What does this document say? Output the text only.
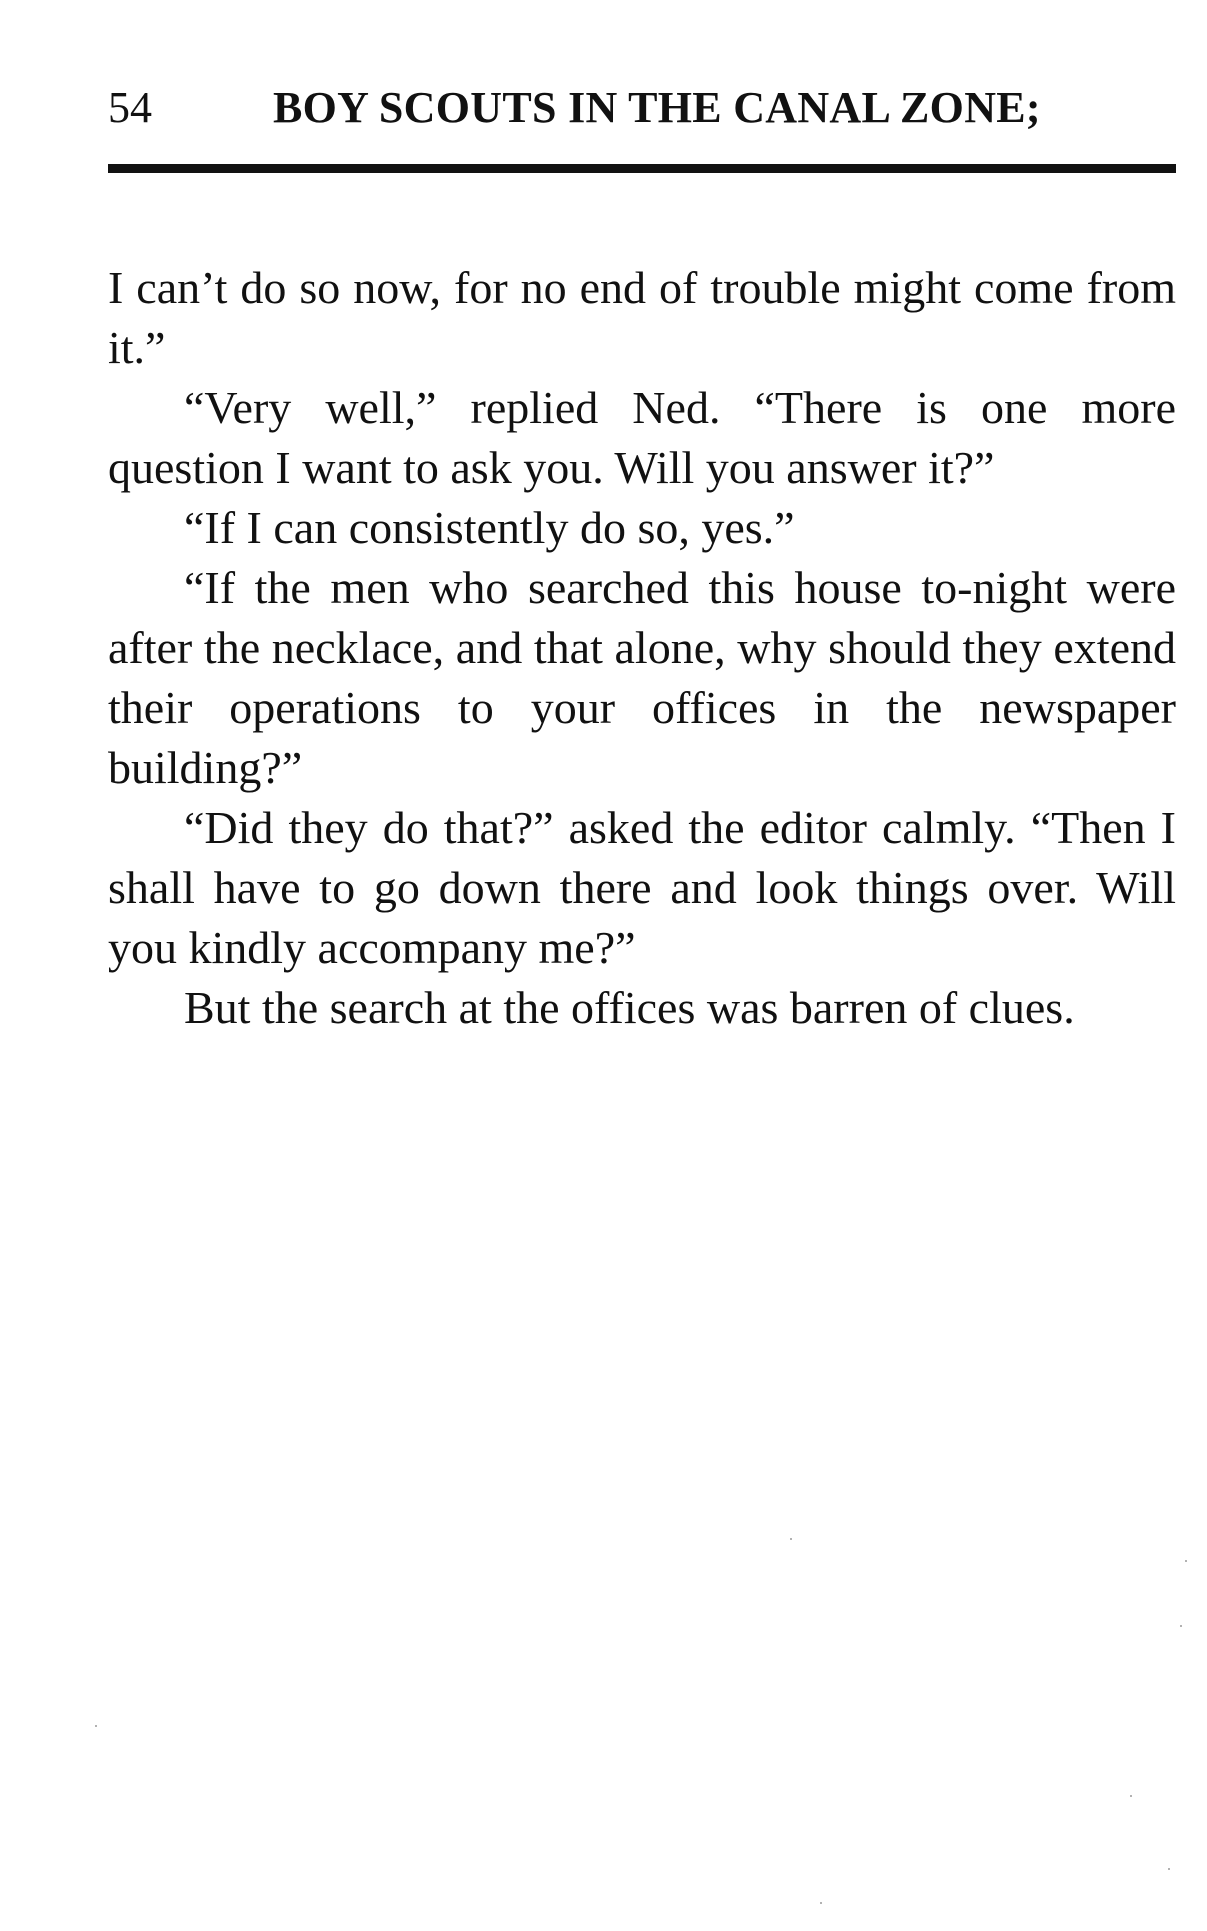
54	BOY SCOUTS IN THE CANAL ZONE;

I can’t do so now, for no end of trouble might come from it.”

“Very well,” replied Ned. “There is one more question I want to ask you. Will you answer it?”

“If I can consistently do so, yes.”

“If the men who searched this house to-night were after the necklace, and that alone, why should they extend their operations to your offices in the newspaper building?”

“Did they do that?” asked the editor calmly. “Then I shall have to go down there and look things over. Will you kindly accompany me?”

But the search at the offices was barren of clues.
